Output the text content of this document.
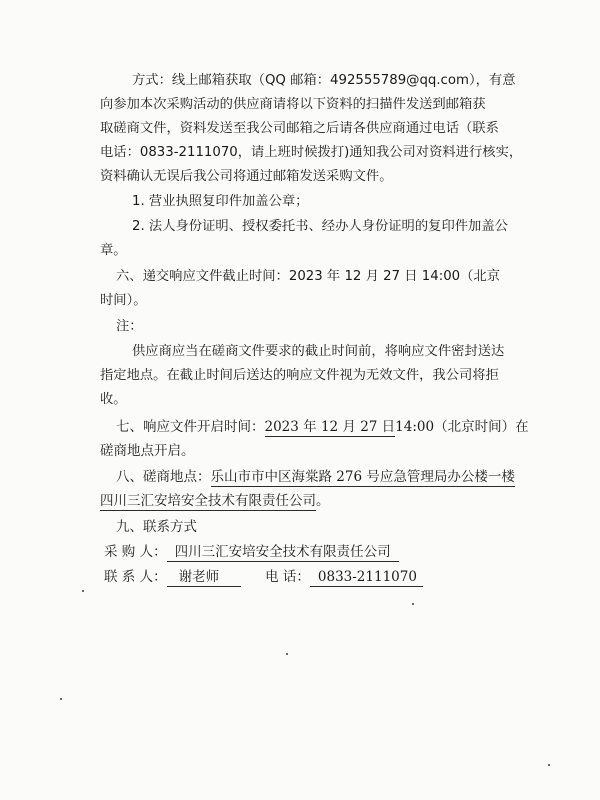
方式：线上邮箱获取（QQ 邮箱：492555789@qq.com），有意
向参加本次采购活动的供应商请将以下资料的扫描件发送到邮箱获
取磋商文件，资料发送至我公司邮箱之后请各供应商通过电话（联系
电话：0833-2111070，请上班时候拨打)通知我公司对资料进行核实，
资料确认无误后我公司将通过邮箱发送采购文件。
1. 营业执照复印件加盖公章；
2. 法人身份证明、授权委托书、经办人身份证明的复印件加盖公
章。
六、递交响应文件截止时间：2023 年 12 月 27 日 14:00（北京
时间）。
注：
供应商应当在磋商文件要求的截止时间前，将响应文件密封送达
指定地点。在截止时间后送达的响应文件视为无效文件，我公司将拒
收。
七、响应文件开启时间：2023 年 12 月 27 日14:00（北京时间）在
磋商地点开启。
八、磋商地点：乐山市市中区海棠路 276 号应急管理局办公楼一楼
四川三汇安培安全技术有限责任公司。
九、联系方式
采 购 人： 四川三汇安培安全技术有限责任公司
联 系 人： 谢老师	电 话： 0833-2111070
